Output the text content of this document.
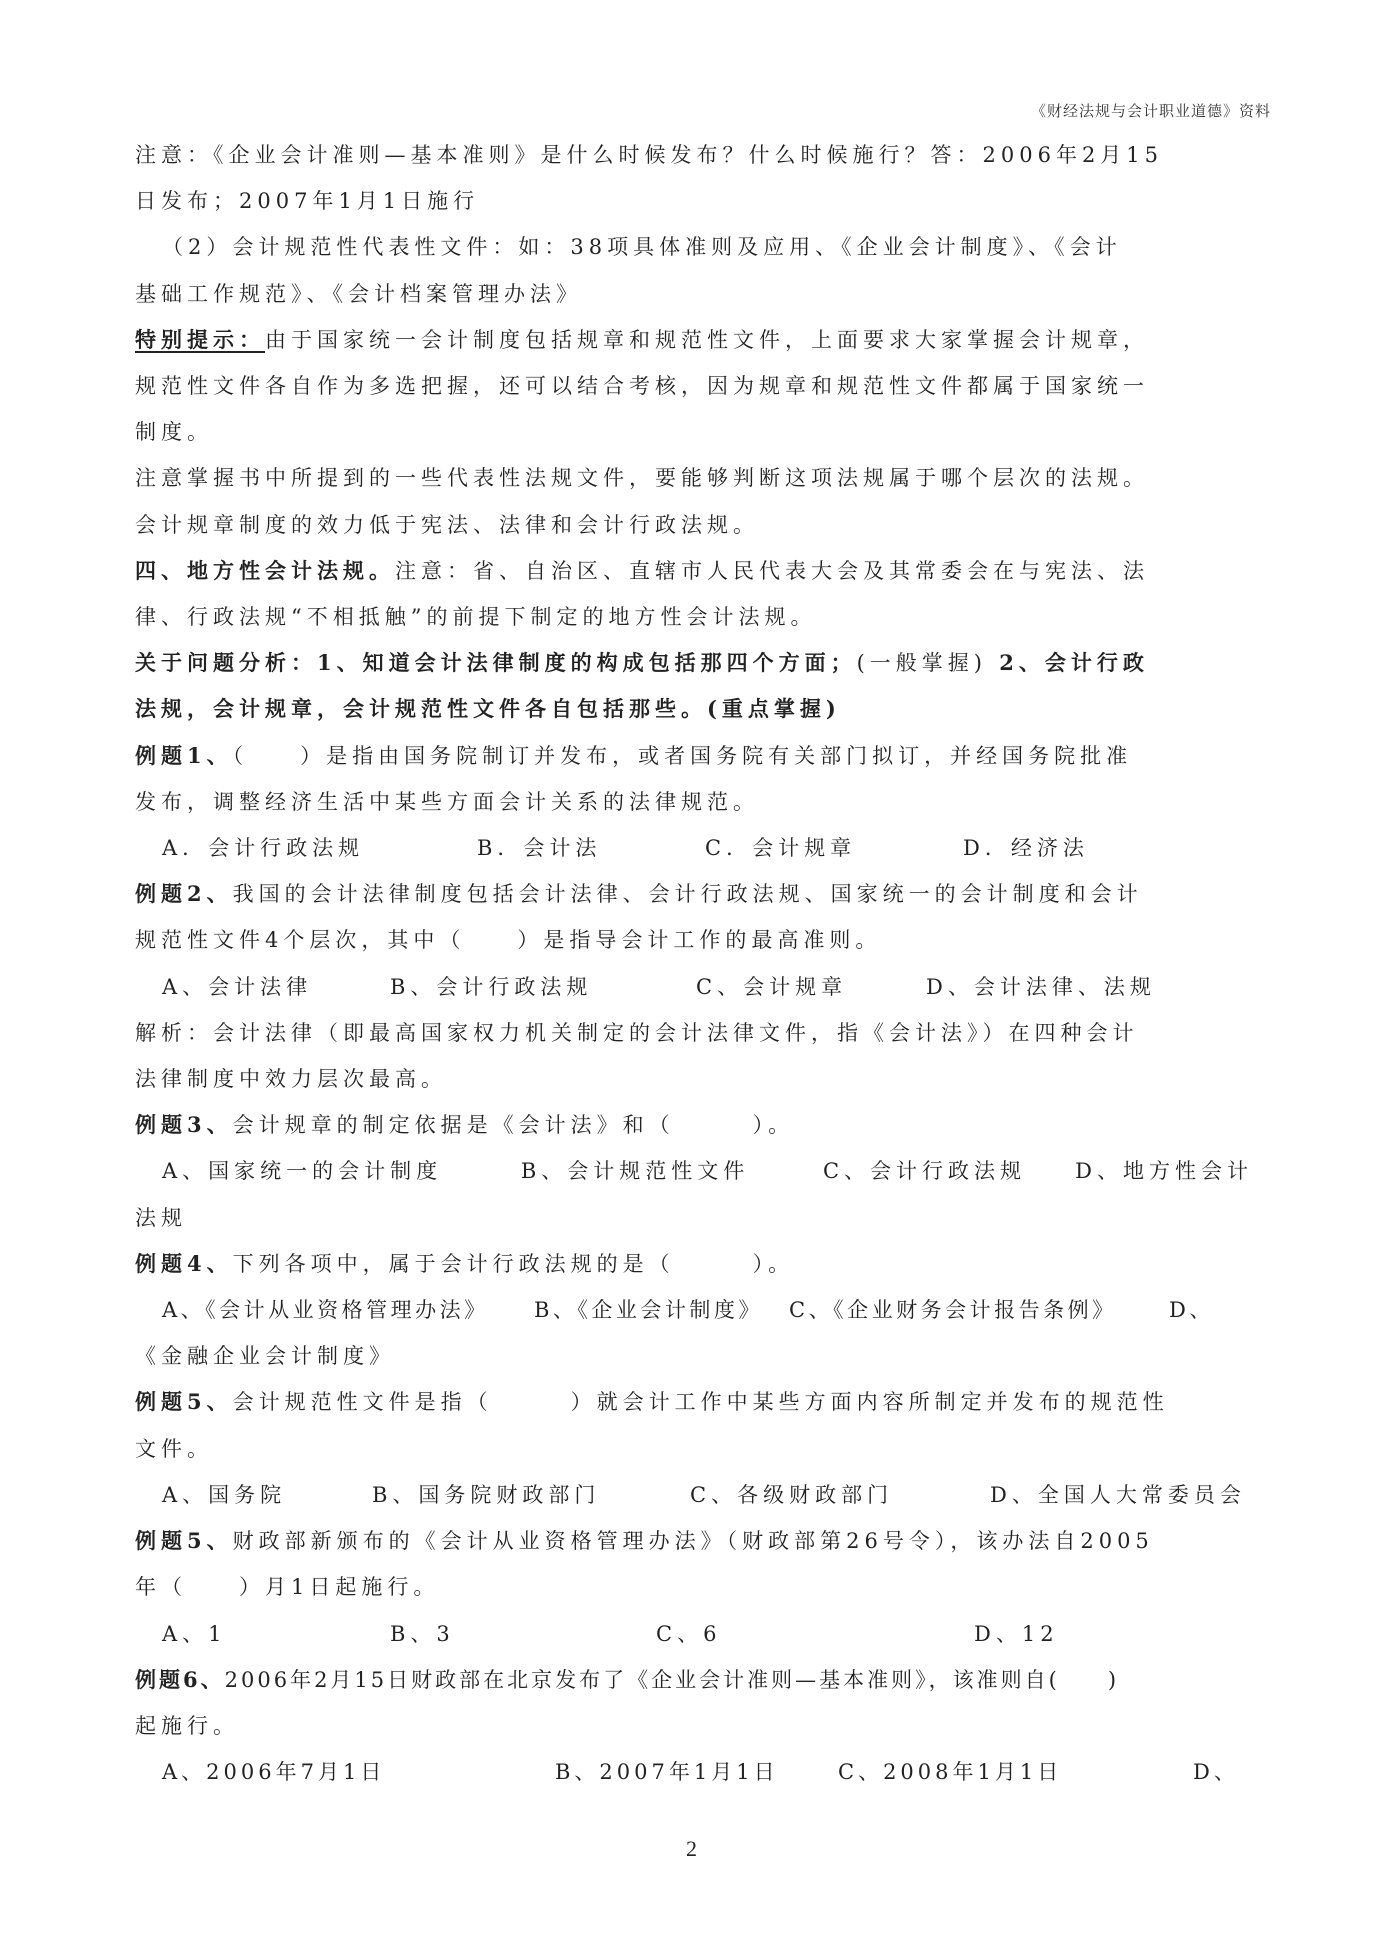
《财经法规与会计职业道德》资料

注意：《企业会计准则—基本准则》是什么时候发布？什么时候施行？答：2006年2月15

日发布；2007年1月1日施行

（2）会计规范性代表性文件：如：38项具体准则及应用、《企业会计制度》、《会计

基础工作规范》、《会计档案管理办法》

特别提示：由于国家统一会计制度包括规章和规范性文件，上面要求大家掌握会计规章，

规范性文件各自作为多选把握，还可以结合考核，因为规章和规范性文件都属于国家统一

制度。

注意掌握书中所提到的一些代表性法规文件，要能够判断这项法规属于哪个层次的法规。

会计规章制度的效力低于宪法、法律和会计行政法规。

四、地方性会计法规。注意：省、自治区、直辖市人民代表大会及其常委会在与宪法、法

律、行政法规“不相抵触”的前提下制定的地方性会计法规。

关于问题分析：1、知道会计法律制度的构成包括那四个方面；(一般掌握) 2、会计行政

法规，会计规章，会计规范性文件各自包括那些。(重点掌握)

例题1、（　　）是指由国务院制订并发布，或者国务院有关部门拟订，并经国务院批准

发布，调整经济生活中某些方面会计关系的法律规范。

A．会计行政法规	B．会计法	C．会计规章	D．经济法

例题2、我国的会计法律制度包括会计法律、会计行政法规、国家统一的会计制度和会计

规范性文件4个层次，其中（　　）是指导会计工作的最高准则。

A、会计法律	B、会计行政法规	C、会计规章	D、会计法律、法规

解析：会计法律（即最高国家权力机关制定的会计法律文件，指《会计法》）在四种会计

法律制度中效力层次最高。

例题3、会计规章的制定依据是《会计法》和（　　　）。

A、国家统一的会计制度	B、会计规范性文件	C、会计行政法规	D、地方性会计

法规

例题4、下列各项中，属于会计行政法规的是（　　　）。

A、《会计从业资格管理办法》	B、《企业会计制度》	C、《企业财务会计报告条例》	D、

《金融企业会计制度》

例题5、会计规范性文件是指（　　　）就会计工作中某些方面内容所制定并发布的规范性

文件。

A、国务院	B、国务院财政部门	C、各级财政部门	D、全国人大常委员会

例题5、财政部新颁布的《会计从业资格管理办法》（财政部第26号令），该办法自2005

年（　　）月1日起施行。

A、1	B、3	C、6	D、12

例题6、2006年2月15日财政部在北京发布了《企业会计准则—基本准则》，该准则自(　　)

起施行。

A、2006年7月1日	B、2007年1月1日	C、2008年1月1日	D、

2
